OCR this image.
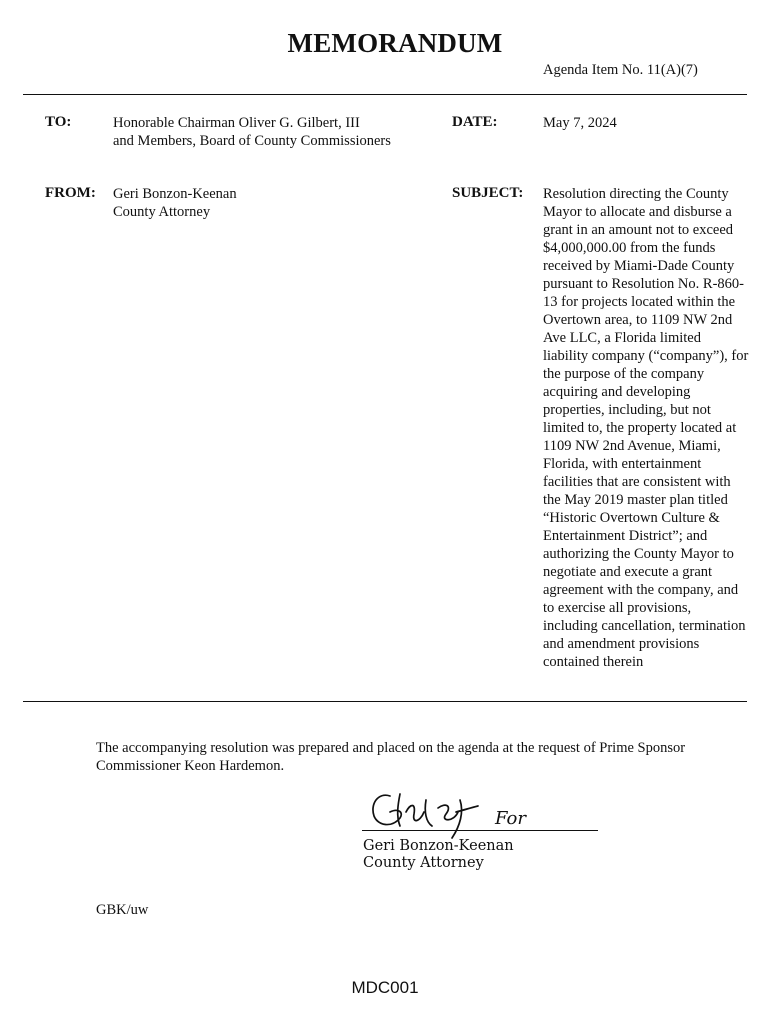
MEMORANDUM
Agenda Item No. 11(A)(7)
TO:	Honorable Chairman Oliver G. Gilbert, III
and Members, Board of County Commissioners
DATE:	May 7, 2024
FROM: Geri Bonzon-Keenan
County Attorney
SUBJECT: Resolution directing the County Mayor to allocate and disburse a grant in an amount not to exceed $4,000,000.00 from the funds received by Miami-Dade County pursuant to Resolution No. R-860-13 for projects located within the Overtown area, to 1109 NW 2nd Ave LLC, a Florida limited liability company (“company”), for the purpose of the company acquiring and developing properties, including, but not limited to, the property located at 1109 NW 2nd Avenue, Miami, Florida, with entertainment facilities that are consistent with the May 2019 master plan titled “Historic Overtown Culture & Entertainment District”; and authorizing the County Mayor to negotiate and execute a grant agreement with the company, and to exercise all provisions, including cancellation, termination and amendment provisions contained therein
The accompanying resolution was prepared and placed on the agenda at the request of Prime Sponsor Commissioner Keon Hardemon.
For
Geri Bonzon-Keenan
County Attorney
GBK/uw
MDC001
